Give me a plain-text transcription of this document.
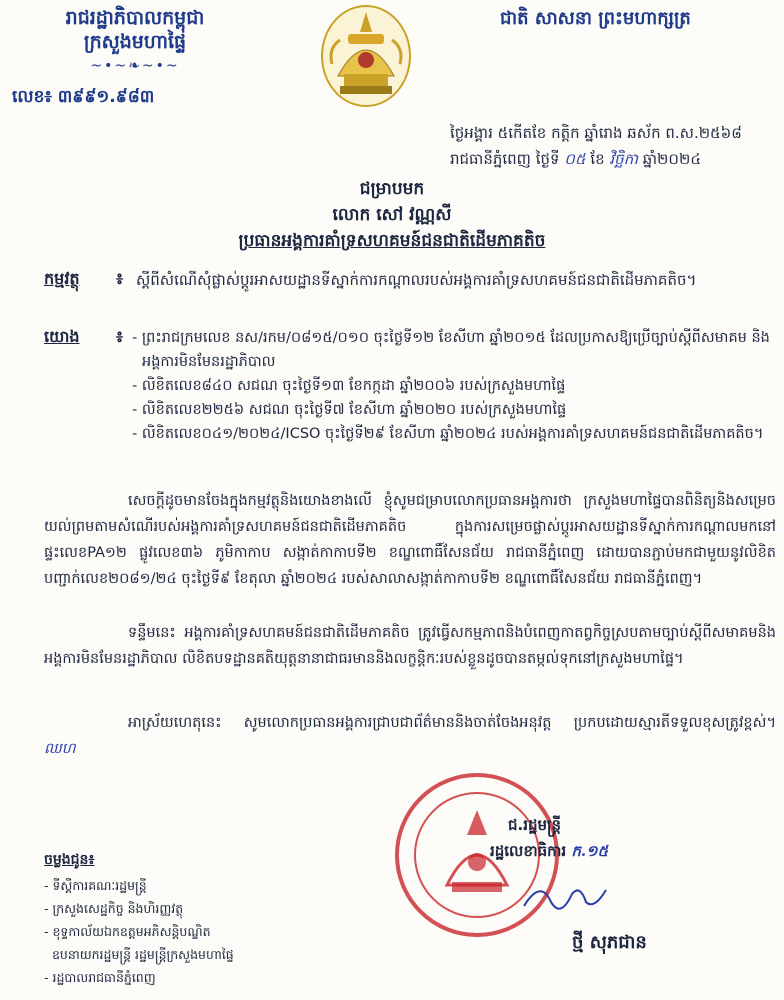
រាជរដ្ឋាភិបាលកម្ពុជា
ក្រសួងមហាផ្ទៃ
~•~❧~•~
លេខ៖ ៣៩៩១.៩៨៣
ជាតិ សាសនា ព្រះមហាក្សត្រ
ថ្ងៃអង្គារ ៥កើតខែ កត្តិក ឆ្នាំរោង ឆស័ក ព.ស.២៥៦៨
រាជធានីភ្នំពេញ ថ្ងៃទី ០៥ ខែ វិច្ឆិកា ឆ្នាំ២០២៤
ជម្រាបមក
លោក សៅ វណ្ណសី
ប្រធានអង្គការគាំទ្រសហគមន៍ជនជាតិដើមភាគតិច
កម្មវត្ថុ ៖ ស្តីពីសំណើសុំផ្លាស់ប្តូរអាសយដ្ឋានទីស្នាក់ការកណ្តាលរបស់អង្គការគាំទ្រសហគមន៍ជនជាតិដើមភាគតិច។
យោង ៖ - ព្រះរាជក្រមលេខ នស/រកម/០៨១៥/០១០ ចុះថ្ងៃទី១២ ខែសីហា ឆ្នាំ២០១៥ ដែលប្រកាសឱ្យប្រើច្បាប់ស្តីពីសមាគម និងអង្គការមិនមែនរដ្ឋាភិបាល
- លិខិតលេខ៨៤០ សជណ ចុះថ្ងៃទី១៣ ខែកក្កដា ឆ្នាំ២០០៦ របស់ក្រសួងមហាផ្ទៃ
- លិខិតលេខ២២៥៦ សជណ ចុះថ្ងៃទី៧ ខែសីហា ឆ្នាំ២០២០ របស់ក្រសួងមហាផ្ទៃ
- លិខិតលេខ០៤១/២០២៤/ICSO ចុះថ្ងៃទី២៩ ខែសីហា ឆ្នាំ២០២៤ របស់អង្គការគាំទ្រសហគមន៍ជនជាតិដើមភាគតិច។
សេចក្តីដូចមានចែងក្នុងកម្មវត្ថុនិងយោងខាងលើ ខ្ញុំសូមជម្រាបលោកប្រធានអង្គការថា ក្រសួងមហាផ្ទៃបានពិនិត្យនិងសម្រេចយល់ព្រមតាមសំណើរបស់អង្គការគាំទ្រសហគមន៍ជនជាតិដើមភាគតិច ក្នុងការសម្រេចផ្លាស់ប្តូរអាសយដ្ឋានទីស្នាក់ការកណ្តាលមកនៅផ្ទះលេខPA១២ ផ្លូវលេខ៣៦ ភូមិកាកាប សង្កាត់កាកាបទី២ ខណ្ឌពោធិ៍សែនជ័យ រាជធានីភ្នំពេញ ដោយបានភ្ជាប់មកជាមួយនូវលិខិតបញ្ជាក់លេខ២០៨១/២៤ ចុះថ្ងៃទី៩ ខែតុលា ឆ្នាំ២០២៤ របស់សាលាសង្កាត់កាកាបទី២ ខណ្ឌពោធិ៍សែនជ័យ រាជធានីភ្នំពេញ។
ទន្ទឹមនេះ អង្គការគាំទ្រសហគមន៍ជនជាតិដើមភាគតិច ត្រូវធ្វើសកម្មភាពនិងបំពេញកាតព្វកិច្ចស្របតាមច្បាប់ស្តីពីសមាគមនិងអង្គការមិនមែនរដ្ឋាភិបាល លិខិតបទដ្ឋានគតិយុត្តនានាជាធរមាននិងលក្ខន្តិកៈរបស់ខ្លួនដូចបានតម្កល់ទុកនៅក្រសួងមហាផ្ទៃ។
អាស្រ័យហេតុនេះ សូមលោកប្រធានអង្គការជ្រាបជាព័ត៌មាននិងចាត់ចែងអនុវត្ត ប្រកបដោយស្មារតីទទួលខុសត្រូវខ្ពស់។ ឈហ
ជ.រដ្ឋមន្ត្រី
រដ្ឋលេខាធិការ ក.១៥
ថ្មី សុភជាន
ចម្លងជូន៖
- ទីស្តីការគណៈរដ្ឋមន្ត្រី
- ក្រសួងសេដ្ឋកិច្ច និងហិរញ្ញវត្ថុ
- ខុទ្ទកាល័យឯកឧត្តមអភិសន្តិបណ្ឌិត
ឧបនាយករដ្ឋមន្ត្រី រដ្ឋមន្ត្រីក្រសួងមហាផ្ទៃ
- រដ្ឋបាលរាជធានីភ្នំពេញ
